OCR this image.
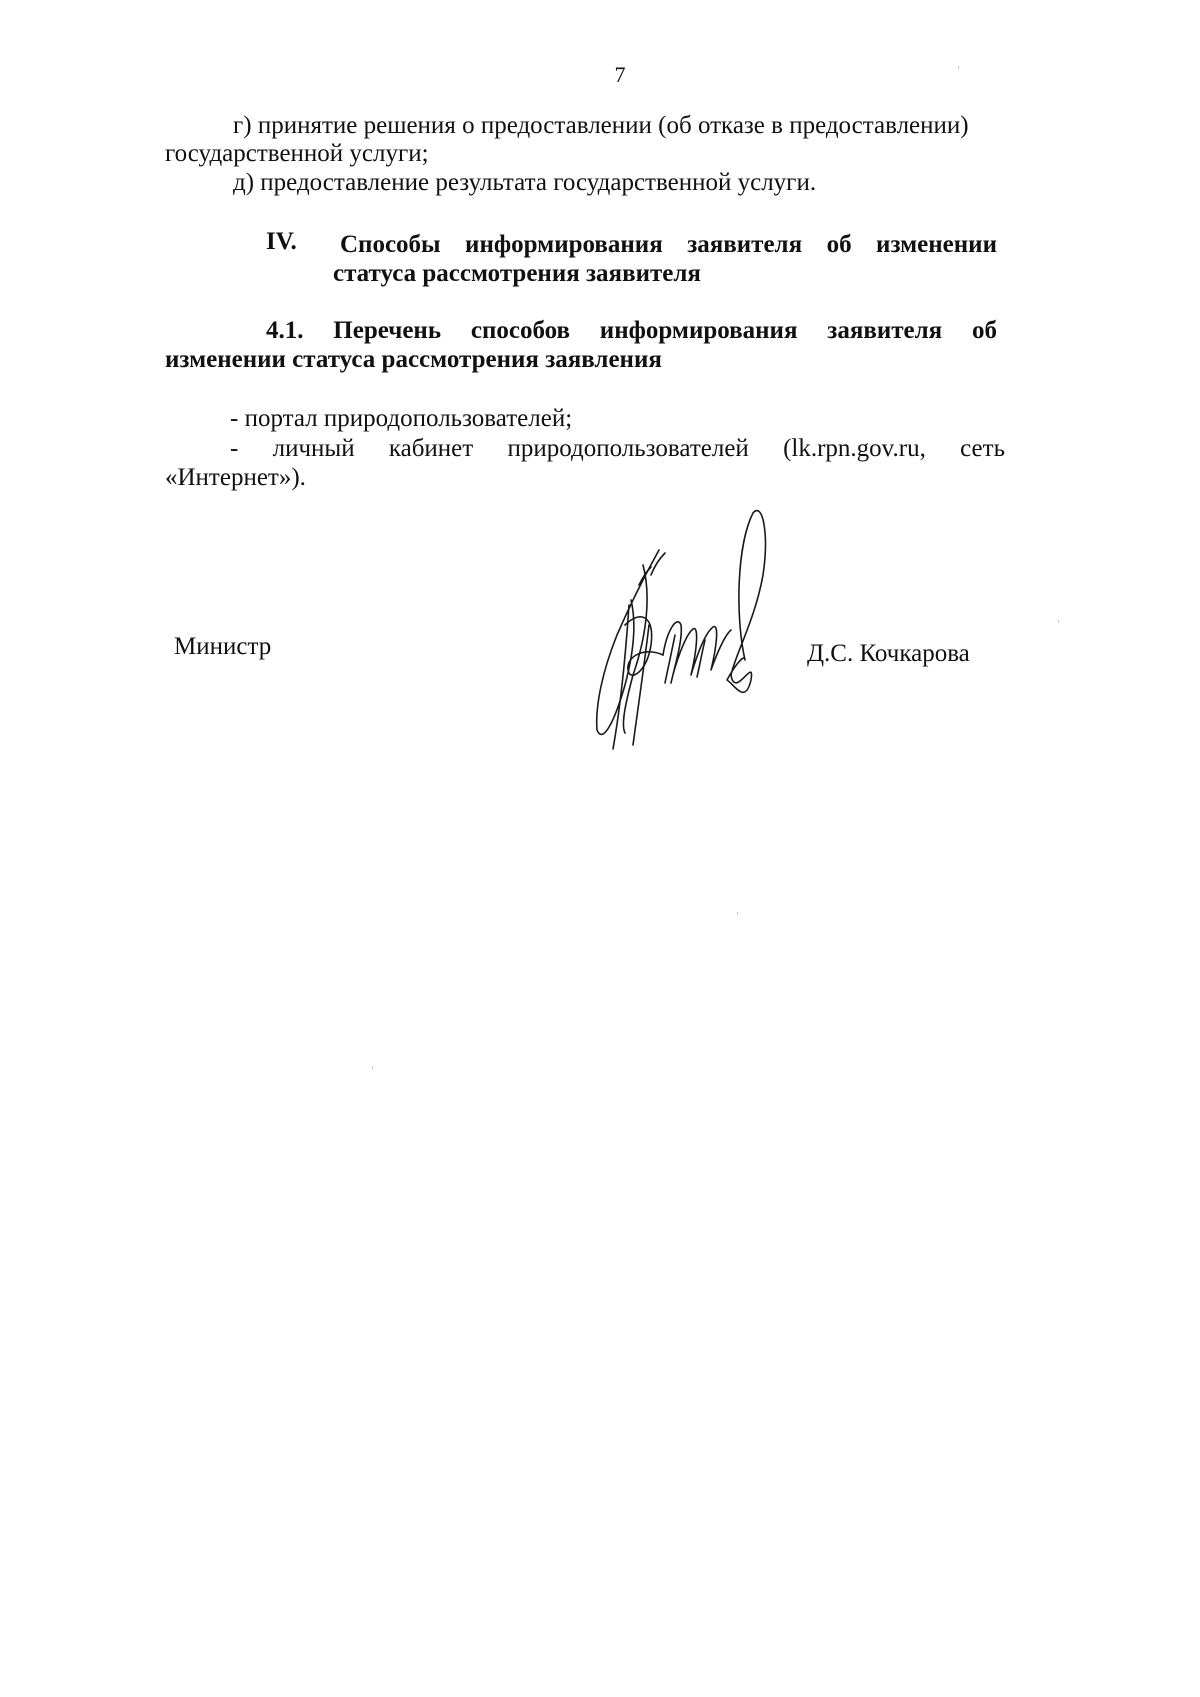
7
г) принятие решения о предоставлении (об отказе в предоставлении)
государственной услуги;
д) предоставление результата государственной услуги.
IV. Способы информирования заявителя об изменении
статуса рассмотрения заявителя
4.1. Перечень способов информирования заявителя об
изменении статуса рассмотрения заявления
- портал природопользователей;
- личный кабинет природопользователей (lk.rpn.gov.ru, сеть
«Интернет»).
Министр	Д.С. Кочкарова
